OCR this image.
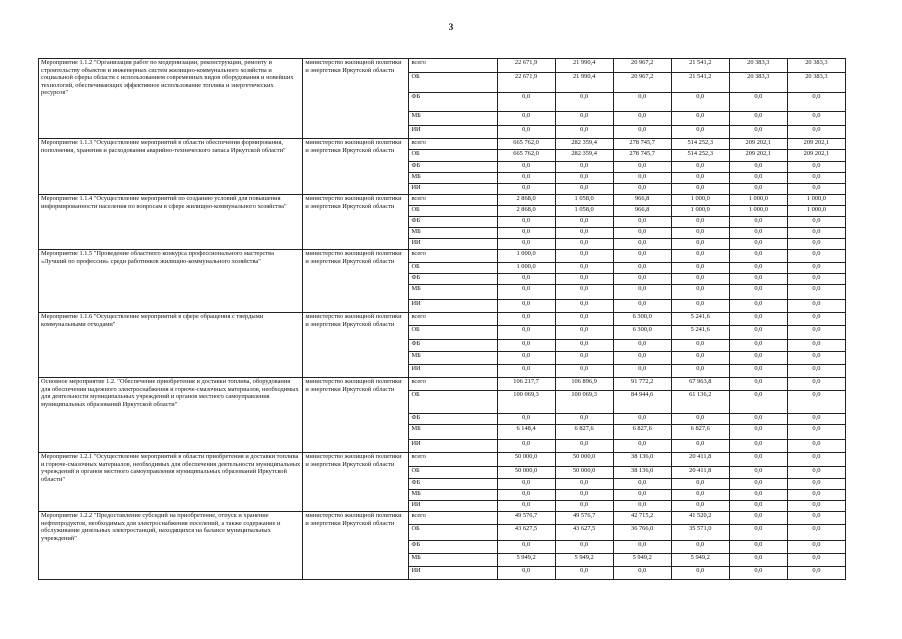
3
Мероприятие 1.1.2 "Организация работ по модернизации, реконструкции, ремонту и строительству объектов и инженерных систем жилищно-коммунального хозяйства и социальной сферы области с использованием современных видов оборудования и новейших технологий, обеспечивающих эффективное использование топлива и энергетических ресурсов"	министерство жилищной политики и энергетики Иркутской области	всего	22 671,9	21 990,4	20 967,2	21 541,2	20 383,3	20 383,3
		ОБ	22 671,9	21 990,4	20 967,2	21 541,2	20 383,3	20 383,3
		ФБ	0,0	0,0	0,0	0,0	0,0	0,0
		МБ	0,0	0,0	0,0	0,0	0,0	0,0
		ИИ	0,0	0,0	0,0	0,0	0,0	0,0
Мероприятие 1.1.3 "Осуществление мероприятий в области обеспечения формирования, пополнения, хранения и расходования аварийно-технического запаса Иркутской области"	министерство жилищной политики и энергетики Иркутской области	всего	665 762,0	282 359,4	278 745,7	514 252,3	209 202,1	209 202,1
		ОБ	665 762,0	282 359,4	278 745,7	514 252,3	209 202,1	209 202,1
		ФБ	0,0	0,0	0,0	0,0	0,0	0,0
		МБ	0,0	0,0	0,0	0,0	0,0	0,0
		ИИ	0,0	0,0	0,0	0,0	0,0	0,0
Мероприятие 1.1.4 "Осуществление мероприятий по созданию условий для повышения информированности населения по вопросам в сфере жилищно-коммунального хозяйства"	министерство жилищной политики и энергетики Иркутской области	всего	2 868,0	1 058,0	966,8	1 000,0	1 000,0	1 000,0
		ОБ	2 868,0	1 058,0	966,8	1 000,0	1 000,0	1 000,0
		ФБ	0,0	0,0	0,0	0,0	0,0	0,0
		МБ	0,0	0,0	0,0	0,0	0,0	0,0
		ИИ	0,0	0,0	0,0	0,0	0,0	0,0
Мероприятие 1.1.5 "Проведение областного конкурса профессионального мастерства «Лучший по профессии» среди работников жилищно-коммунального хозяйства"	министерство жилищной политики и энергетики Иркутской области	всего	1 000,0	0,0	0,0	0,0	0,0	0,0
		ОБ	1 000,0	0,0	0,0	0,0	0,0	0,0
		ФБ	0,0	0,0	0,0	0,0	0,0	0,0
		МБ	0,0	0,0	0,0	0,0	0,0	0,0
		ИИ	0,0	0,0	0,0	0,0	0,0	0,0
Мероприятие 1.1.6 "Осуществление мероприятий в сфере обращения с твердыми коммунальными отходами"	министерство жилищной политики и энергетики Иркутской области	всего	0,0	0,0	6 300,0	5 241,6	0,0	0,0
		ОБ	0,0	0,0	6 300,0	5 241,6	0,0	0,0
		ФБ	0,0	0,0	0,0	0,0	0,0	0,0
		МБ	0,0	0,0	0,0	0,0	0,0	0,0
		ИИ	0,0	0,0	0,0	0,0	0,0	0,0
Основное мероприятие 1.2. "Обеспечение приобретения и доставки топлива, оборудования для обеспечения надежного электроснабжения и горюче-смазочных материалов, необходимых для деятельности муниципальных учреждений и органов местного самоуправления муниципальных образований Иркутской области"	министерство жилищной политики и энергетики Иркутской области	всего	106 217,7	106 896,9	91 772,2	67 963,8	0,0	0,0
		ОБ	100 069,3	100 069,3	84 944,6	61 136,2	0,0	0,0
		ФБ	0,0	0,0	0,0	0,0	0,0	0,0
		МБ	6 148,4	6 827,6	6 827,6	6 827,6	0,0	0,0
		ИИ	0,0	0,0	0,0	0,0	0,0	0,0
Мероприятие 1.2.1 "Осуществление мероприятий в области приобретения и доставки топлива и горюче-смазочных материалов, необходимых для обеспечения деятельности муниципальных учреждений и органов местного самоуправления муниципальных образований Иркутской области"	министерство жилищной политики и энергетики Иркутской области	всего	50 000,0	50 000,0	38 136,0	20 411,8	0,0	0,0
		ОБ	50 000,0	50 000,0	38 136,0	20 411,8	0,0	0,0
		ФБ	0,0	0,0	0,0	0,0	0,0	0,0
		МБ	0,0	0,0	0,0	0,0	0,0	0,0
		ИИ	0,0	0,0	0,0	0,0	0,0	0,0
Мероприятие 1.2.2 "Предоставление субсидий на приобретение, отпуск и хранение нефтепродуктов, необходимых для электроснабжения поселений, а также содержание и обслуживание дизельных электростанций, находящихся на балансе муниципальных учреждений"	министерство жилищной политики и энергетики Иркутской области	всего	49 576,7	49 576,7	42 715,2	41 520,2	0,0	0,0
		ОБ	43 627,5	43 627,5	36 766,0	35 571,0	0,0	0,0
		ФБ	0,0	0,0	0,0	0,0	0,0	0,0
		МБ	5 949,2	5 949,2	5 949,2	5 949,2	0,0	0,0
		ИИ	0,0	0,0	0,0	0,0	0,0	0,0
